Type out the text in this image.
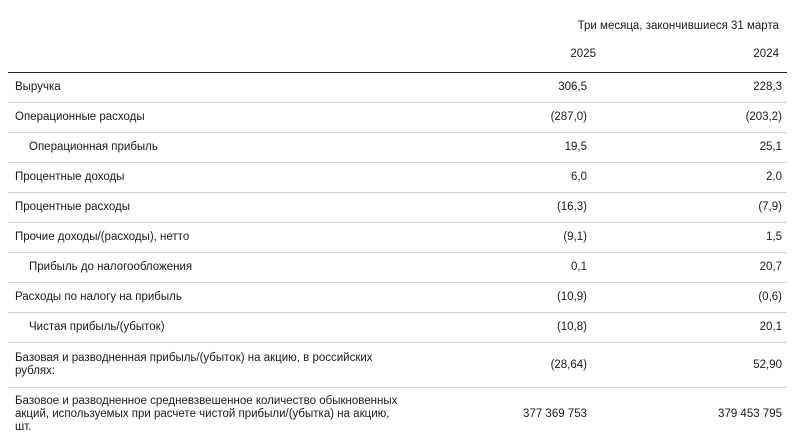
Три месяца, закончившиеся 31 марта
2025	2024
Выручка	306,5	228,3
Операционные расходы	(287,0)	(203,2)
Операционная прибыль	19,5	25,1
Процентные доходы	6,0	2,0
Процентные расходы	(16,3)	(7,9)
Прочие доходы/(расходы), нетто	(9,1)	1,5
Прибыль до налогообложения	0,1	20,7
Расходы по налогу на прибыль	(10,9)	(0,6)
Чистая прибыль/(убыток)	(10,8)	20,1
Базовая и разводненная прибыль/(убыток) на акцию, в российских рублях:	(28,64)	52,90
Базовое и разводненное средневзвешенное количество обыкновенных акций, используемых при расчете чистой прибыли/(убытка) на акцию, шт.	377 369 753	379 453 795
